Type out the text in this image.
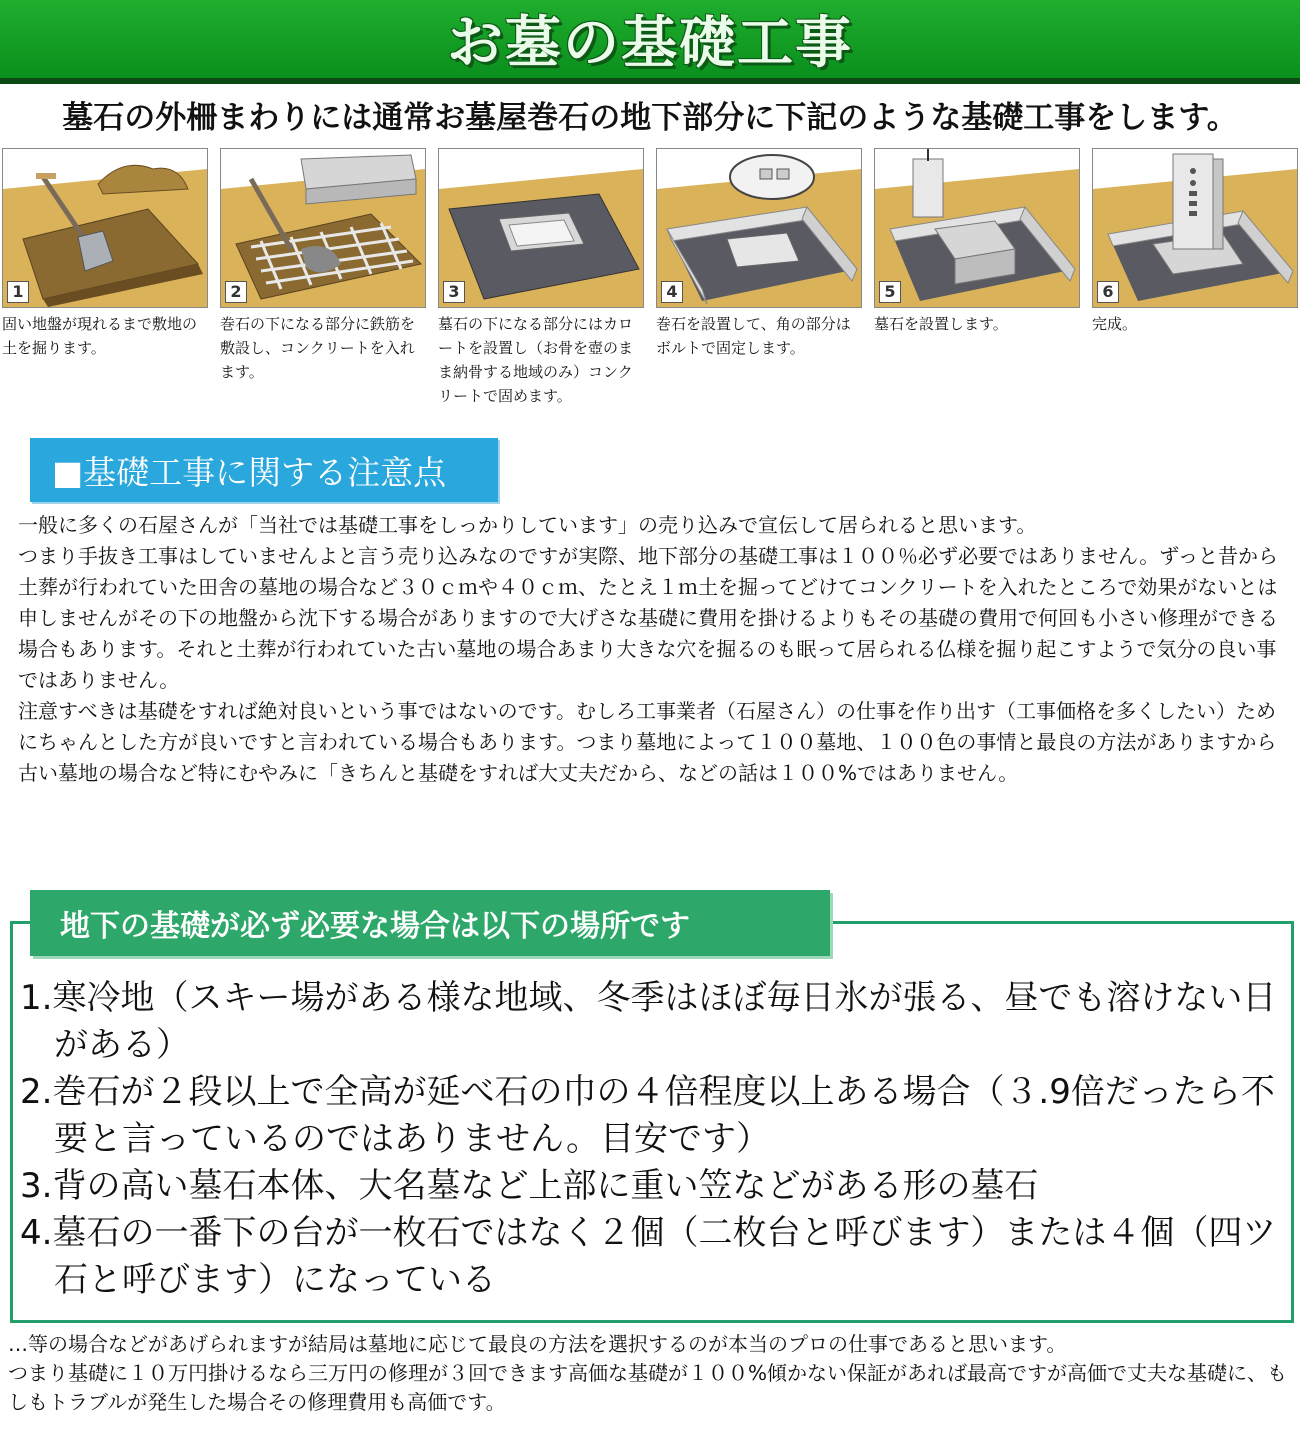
お墓の基礎工事
墓石の外柵まわりには通常お墓屋巻石の地下部分に下記のような基礎工事をします。
1
固い地盤が現れるまで敷地の土を掘ります。
2
巻石の下になる部分に鉄筋を敷設し、コンクリートを入れます。
3
墓石の下になる部分にはカロートを設置し（お骨を壺のまま納骨する地域のみ）コンクリートで固めます。
4
巻石を設置して、角の部分はボルトで固定します。
5
墓石を設置します。
6
完成。
■基礎工事に関する注意点

一般に多くの石屋さんが「当社では基礎工事をしっかりしています」の売り込みで宣伝して居られると思います。

つまり手抜き工事はしていませんよと言う売り込みなのですが実際、地下部分の基礎工事は１００％必ず必要ではありません。ずっと昔から土葬が行われていた田舎の墓地の場合など３０ｃｍや４０ｃｍ、たとえ１ｍ土を掘ってどけてコンクリートを入れたところで効果がないとは申しませんがその下の地盤から沈下する場合がありますので大げさな基礎に費用を掛けるよりもその基礎の費用で何回も小さい修理ができる場合もあります。それと土葬が行われていた古い墓地の場合あまり大きな穴を掘るのも眠って居られる仏様を掘り起こすようで気分の良い事ではありません。

注意すべきは基礎をすれば絶対良いという事ではないのです。むしろ工事業者（石屋さん）の仕事を作り出す（工事価格を多くしたい）ためにちゃんとした方が良いですと言われている場合もあります。つまり墓地によって１００墓地、１００色の事情と最良の方法がありますから古い墓地の場合など特にむやみに「きちんと基礎をすれば大丈夫だから、などの話は１００%ではありません。

地下の基礎が必ず必要な場合は以下の場所です

1.寒冷地（スキー場がある様な地域、冬季はほぼ毎日氷が張る、昼でも溶けない日がある）

2.巻石が２段以上で全高が延べ石の巾の４倍程度以上ある場合（３.9倍だったら不要と言っているのではありません。目安です）

3.背の高い墓石本体、大名墓など上部に重い笠などがある形の墓石

4.墓石の一番下の台が一枚石ではなく２個（二枚台と呼びます）または４個（四ツ石と呼びます）になっている

…等の場合などがあげられますが結局は墓地に応じて最良の方法を選択するのが本当のプロの仕事であると思います。

つまり基礎に１０万円掛けるなら三万円の修理が３回できます高価な基礎が１００%傾かない保証があれば最高ですが高価で丈夫な基礎に、もしもトラブルが発生した場合その修理費用も高価です。
